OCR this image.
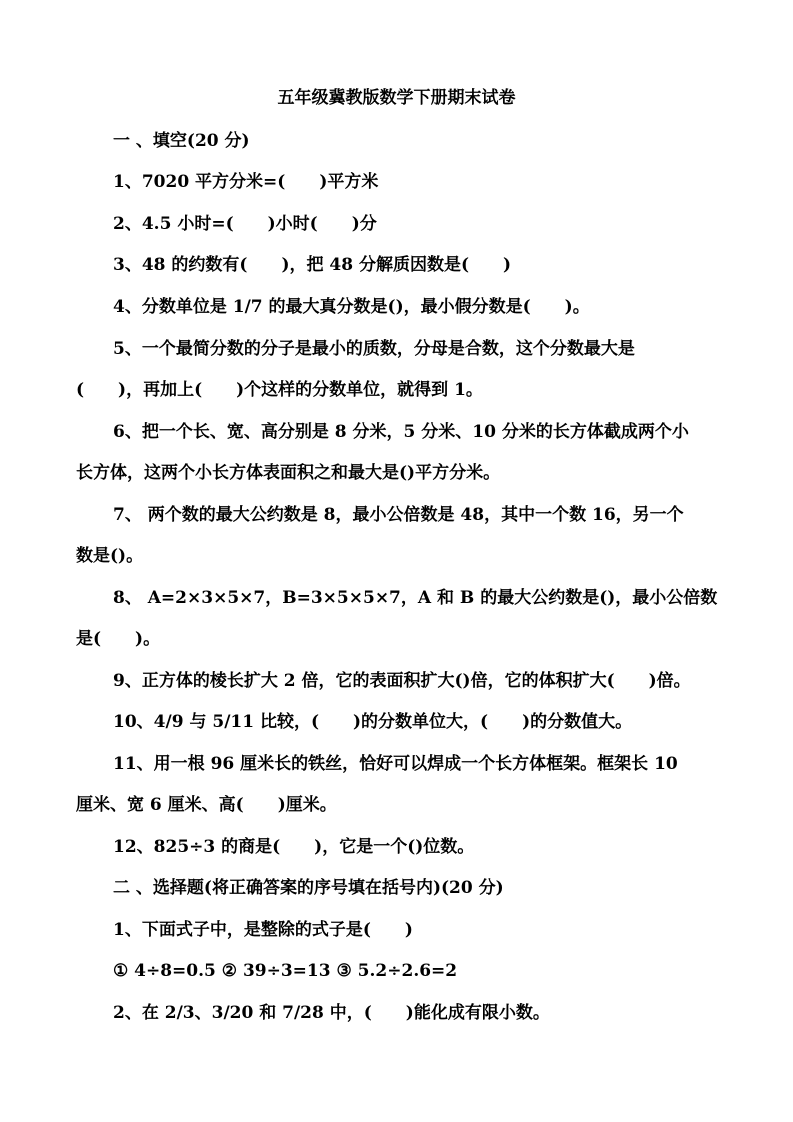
五年级冀教版数学下册期末试卷
一 、填空(20 分)
1、7020 平方分米=(　　)平方米
2、4.5 小时=(　　)小时(　　)分
3、48 的约数有(　　)，把 48 分解质因数是(　　)
4、分数单位是 1/7 的最大真分数是()，最小假分数是(　　)。
5、一个最简分数的分子是最小的质数，分母是合数，这个分数最大是
(　　)，再加上(　　)个这样的分数单位，就得到 1。
6、把一个长、宽、高分别是 8 分米，5 分米、10 分米的长方体截成两个小
长方体，这两个小长方体表面积之和最大是()平方分米。
7、 两个数的最大公约数是 8，最小公倍数是 48，其中一个数 16，另一个
数是()。
8、 A=2×3×5×7，B=3×5×5×7，A 和 B 的最大公约数是()，最小公倍数
是(　　)。
9、正方体的棱长扩大 2 倍，它的表面积扩大()倍，它的体积扩大(　　)倍。
10、4/9 与 5/11 比较，(　　)的分数单位大，(　　)的分数值大。
11、用一根 96 厘米长的铁丝，恰好可以焊成一个长方体框架。框架长 10
厘米、宽 6 厘米、高(　　)厘米。
12、825÷3 的商是(　　)，它是一个()位数。
二 、选择题(将正确答案的序号填在括号内)(20 分)
1、下面式子中，是整除的式子是(　　)
① 4÷8=0.5 ② 39÷3=13 ③ 5.2÷2.6=2
2、在 2/3、3/20 和 7/28 中，(　　)能化成有限小数。
